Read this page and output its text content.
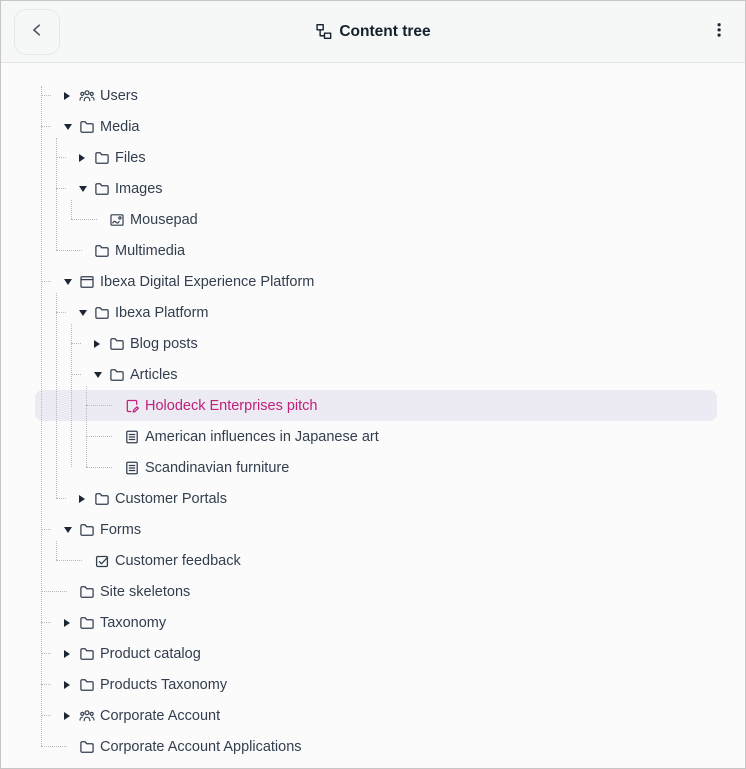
Content tree
Users
Media
Files
Images
Mousepad
Multimedia
Ibexa Digital Experience Platform
Ibexa Platform
Blog posts
Articles
Holodeck Enterprises pitch
American influences in Japanese art
Scandinavian furniture
Customer Portals
Forms
Customer feedback
Site skeletons
Taxonomy
Product catalog
Products Taxonomy
Corporate Account
Corporate Account Applications
